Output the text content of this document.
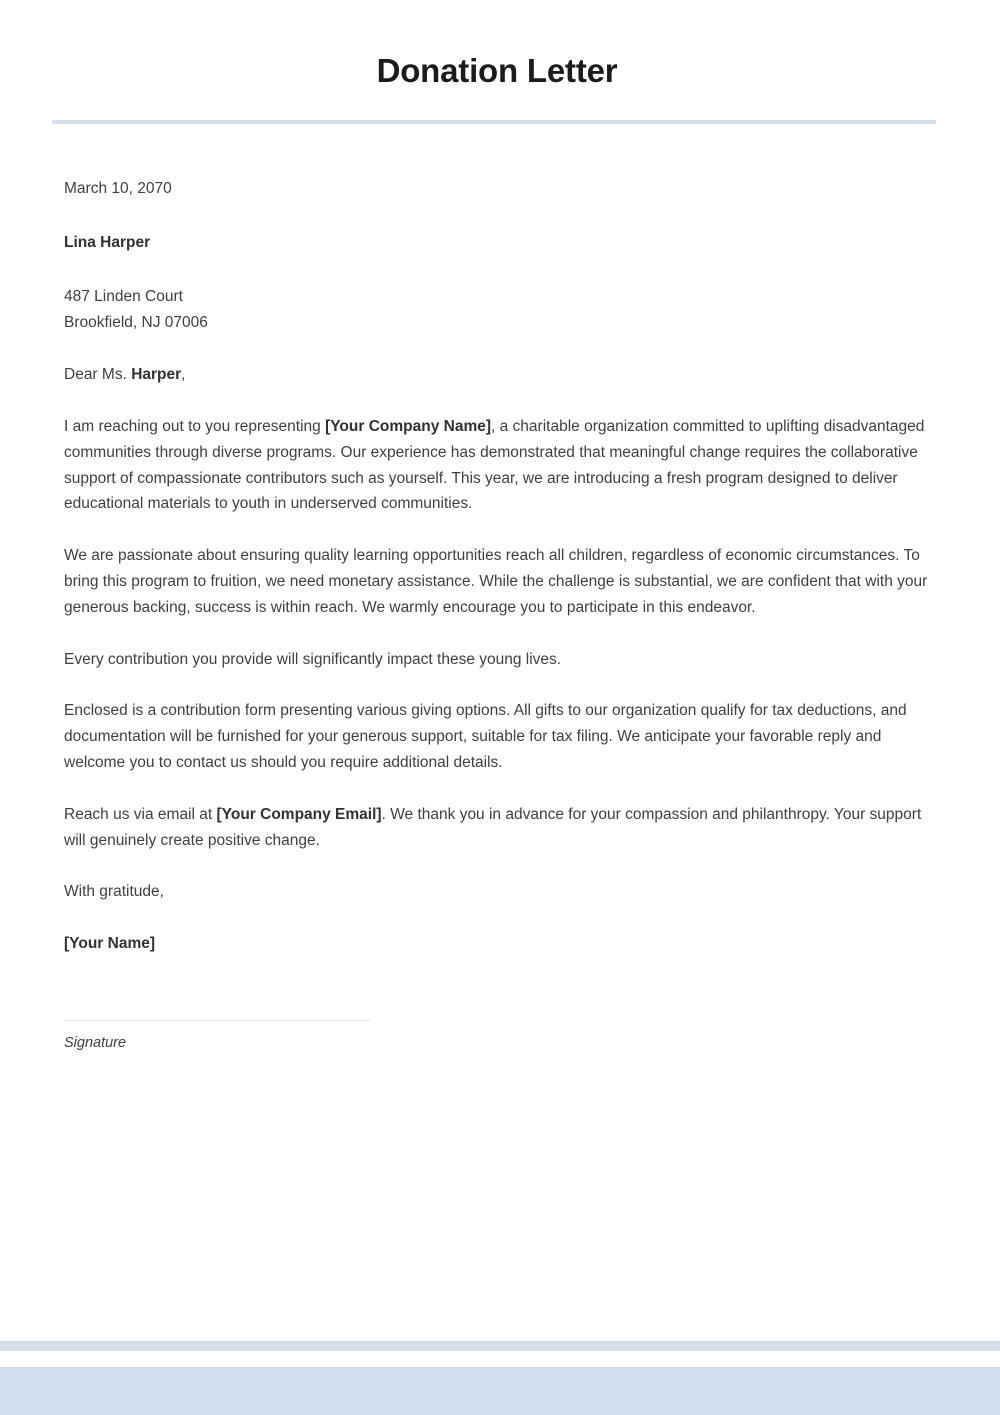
Donation Letter

March 10, 2070

Lina Harper

487 Linden Court

Brookfield, NJ 07006

Dear Ms. Harper,

I am reaching out to you representing [Your Company Name], a charitable organization committed to uplifting disadvantaged communities through diverse programs. Our experience has demonstrated that meaningful change requires the collaborative support of compassionate contributors such as yourself. This year, we are introducing a fresh program designed to deliver educational materials to youth in underserved communities.

We are passionate about ensuring quality learning opportunities reach all children, regardless of economic circumstances. To bring this program to fruition, we need monetary assistance. While the challenge is substantial, we are confident that with your generous backing, success is within reach. We warmly encourage you to participate in this endeavor.

Every contribution you provide will significantly impact these young lives.

Enclosed is a contribution form presenting various giving options. All gifts to our organization qualify for tax deductions, and documentation will be furnished for your generous support, suitable for tax filing. We anticipate your favorable reply and welcome you to contact us should you require additional details.

Reach us via email at [Your Company Email]. We thank you in advance for your compassion and philanthropy. Your support will genuinely create positive change.

With gratitude,

[Your Name]

Signature
